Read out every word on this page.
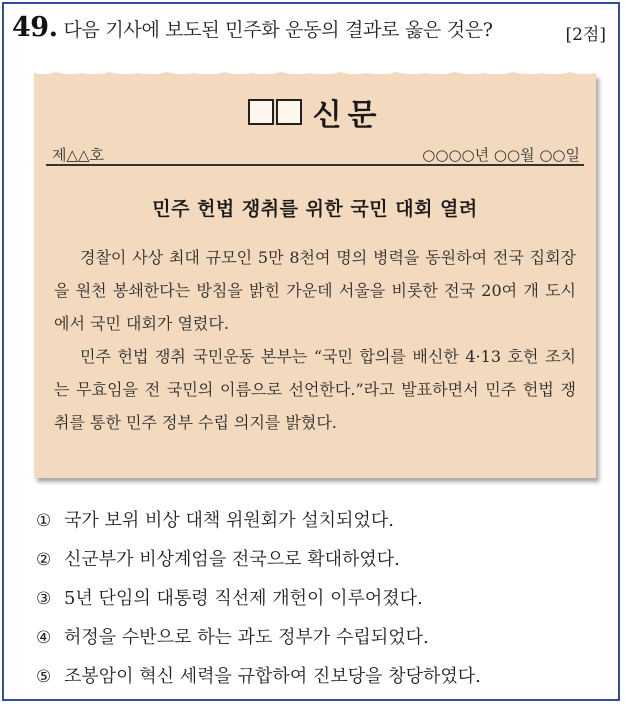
49. 다음 기사에 보도된 민주화 운동의 결과로 옳은 것은?	[2점]
신문
제△△호	○○○○년 ○○월 ○○일
민주 헌법 쟁취를 위한 국민 대회 열려

경찰이 사상 최대 규모인 5만 8천여 명의 병력을 동원하여 전국 집회장을 원천 봉쇄한다는 방침을 밝힌 가운데 서울을 비롯한 전국 20여 개 도시에서 국민 대회가 열렸다.

민주 헌법 쟁취 국민운동 본부는 “국민 합의를 배신한 4·13 호헌 조치는 무효임을 전 국민의 이름으로 선언한다.”라고 발표하면서 민주 헌법 쟁취를 통한 민주 정부 수립 의지를 밝혔다.

① 국가 보위 비상 대책 위원회가 설치되었다.
② 신군부가 비상계엄을 전국으로 확대하였다.
③ 5년 단임의 대통령 직선제 개헌이 이루어졌다.
④ 허정을 수반으로 하는 과도 정부가 수립되었다.
⑤ 조봉암이 혁신 세력을 규합하여 진보당을 창당하였다.
